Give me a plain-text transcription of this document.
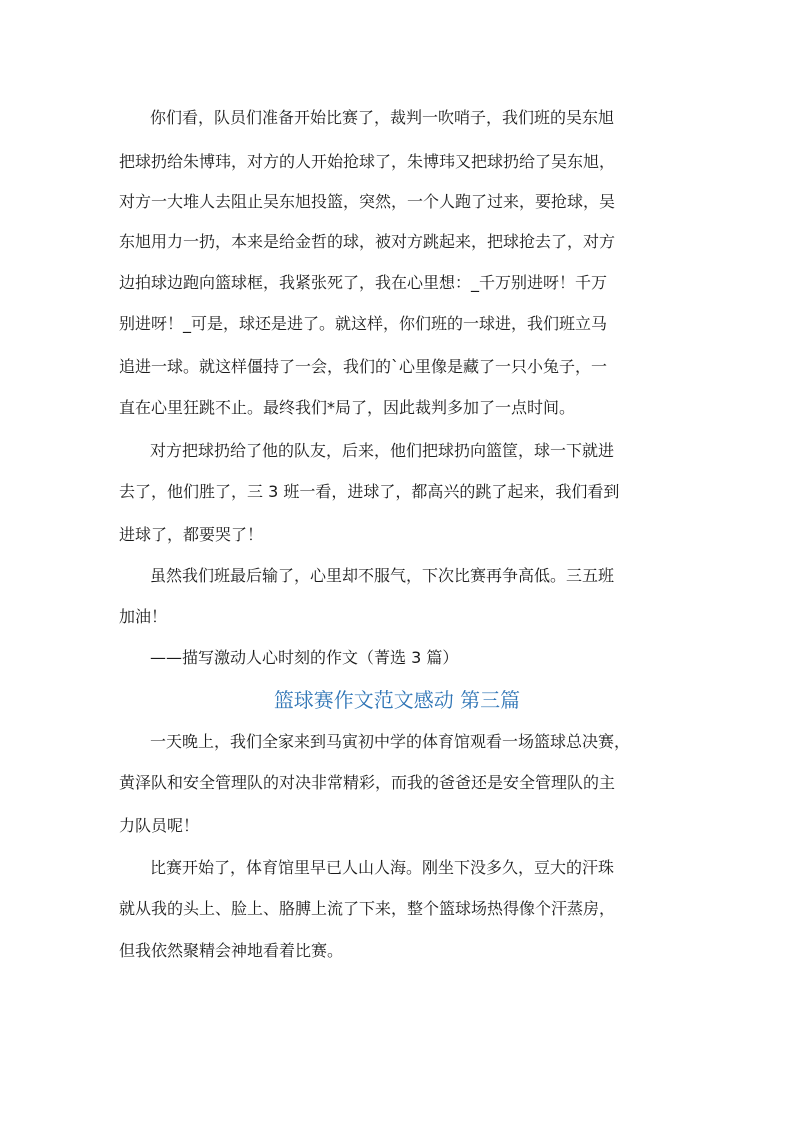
你们看，队员们准备开始比赛了，裁判一吹哨子，我们班的吴东旭
把球扔给朱博玮，对方的人开始抢球了，朱博玮又把球扔给了吴东旭，
对方一大堆人去阻止吴东旭投篮，突然，一个人跑了过来，要抢球，吴
东旭用力一扔，本来是给金哲的球，被对方跳起来，把球抢去了，对方
边拍球边跑向篮球框，我紧张死了，我在心里想：_千万别进呀！千万
别进呀！_可是，球还是进了。就这样，你们班的一球进，我们班立马
追进一球。就这样僵持了一会，我们的`心里像是藏了一只小兔子，一
直在心里狂跳不止。最终我们*局了，因此裁判多加了一点时间。
对方把球扔给了他的队友，后来，他们把球扔向篮筐，球一下就进
去了，他们胜了，三 3 班一看，进球了，都高兴的跳了起来，我们看到
进球了，都要哭了！
虽然我们班最后输了，心里却不服气，下次比赛再争高低。三五班
加油！
——描写激动人心时刻的作文（菁选 3 篇）
篮球赛作文范文感动 第三篇
一天晚上，我们全家来到马寅初中学的体育馆观看一场篮球总决赛，
黄泽队和安全管理队的对决非常精彩，而我的爸爸还是安全管理队的主
力队员呢！
比赛开始了，体育馆里早已人山人海。刚坐下没多久，豆大的汗珠
就从我的头上、脸上、胳膊上流了下来，整个篮球场热得像个汗蒸房，
但我依然聚精会神地看着比赛。
